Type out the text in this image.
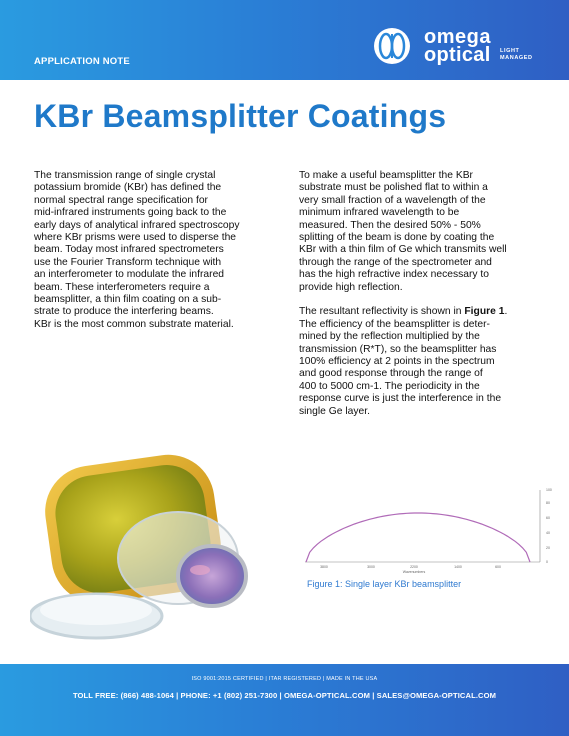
APPLICATION NOTE
omega
optical LIGHT
MANAGED
KBr Beamsplitter Coatings

The transmission range of single crystal

potassium bromide (KBr) has defined the

normal spectral range specification for

mid-infrared instruments going back to the

early days of analytical infrared spectroscopy

where KBr prisms were used to disperse the

beam. Today most infrared spectrometers

use the Fourier Transform technique with

an interferometer to modulate the infrared

beam. These interferometers require a

beamsplitter, a thin film coating on a sub-

strate to produce the interfering beams.

KBr is the most common substrate material.

To make a useful beamsplitter the KBr

substrate must be polished flat to within a

very small fraction of a wavelength of the

minimum infrared wavelength to be

measured. Then the desired 50% - 50%

splitting of the beam is done by coating the

KBr with a thin film of Ge which transmits well

through the range of the spectrometer and

has the high refractive index necessary to

provide high reflection.

The resultant reflectivity is shown in Figure 1.

The efficiency of the beamsplitter is deter-

mined by the reflection multiplied by the

transmission (R*T), so the beamsplitter has

100% efficiency at 2 points in the spectrum

and good response through the range of

400 to 5000 cm-1. The periodicity in the

response curve is just the interference in the

single Ge layer.

3800	3000	2200	1400	600
Wavenumbers
0
20
40
60
80
100
Figure 1: Single layer KBr beamsplitter
ISO 9001:2015 CERTIFIED | ITAR REGISTERED | MADE IN THE USA
TOLL FREE: (866) 488-1064 | PHONE: +1 (802) 251-7300 | OMEGA-OPTICAL.COM | SALES@OMEGA-OPTICAL.COM
